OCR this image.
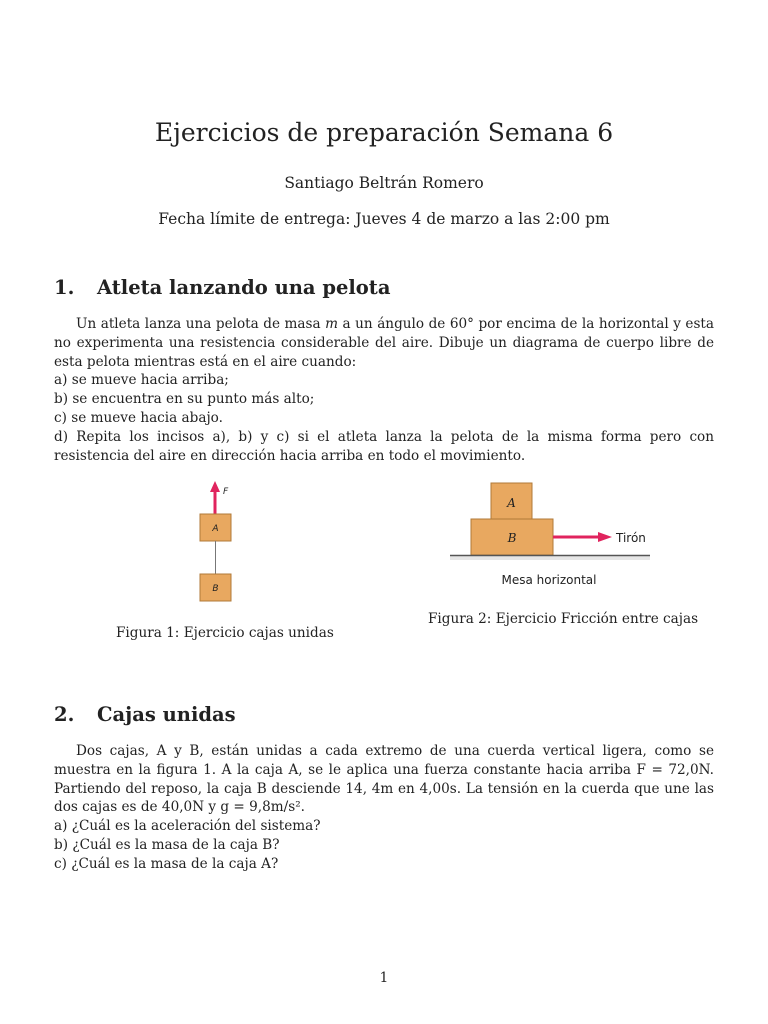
Ejercicios de preparación Semana 6
Santiago Beltrán Romero
Fecha límite de entrega: Jueves 4 de marzo a las 2:00 pm
1. Atleta lanzando una pelota

Un atleta lanza una pelota de masa m a un ángulo de 60° por encima de la horizontal y esta no experimenta una resistencia considerable del aire. Dibuje un diagrama de cuerpo libre de esta pelota mientras está en el aire cuando:

a) se mueve hacia arriba;

b) se encuentra en su punto más alto;

c) se mueve hacia abajo.

d) Repita los incisos a), b) y c) si el atleta lanza la pelota de la misma forma pero con resistencia del aire en dirección hacia arriba en todo el movimiento.

F
A
B
Figura 1: Ejercicio cajas unidas
A
B	Tirón
Mesa horizontal
Figura 2: Ejercicio Fricción entre cajas
2. Cajas unidas

Dos cajas, A y B, están unidas a cada extremo de una cuerda vertical ligera, como se muestra en la figura 1. A la caja A, se le aplica una fuerza constante hacia arriba F = 72,0N. Partiendo del reposo, la caja B desciende 14, 4m en 4,00s. La tensión en la cuerda que une las dos cajas es de 40,0N y g = 9,8m/s².

a) ¿Cuál es la aceleración del sistema?

b) ¿Cuál es la masa de la caja B?

c) ¿Cuál es la masa de la caja A?

1
